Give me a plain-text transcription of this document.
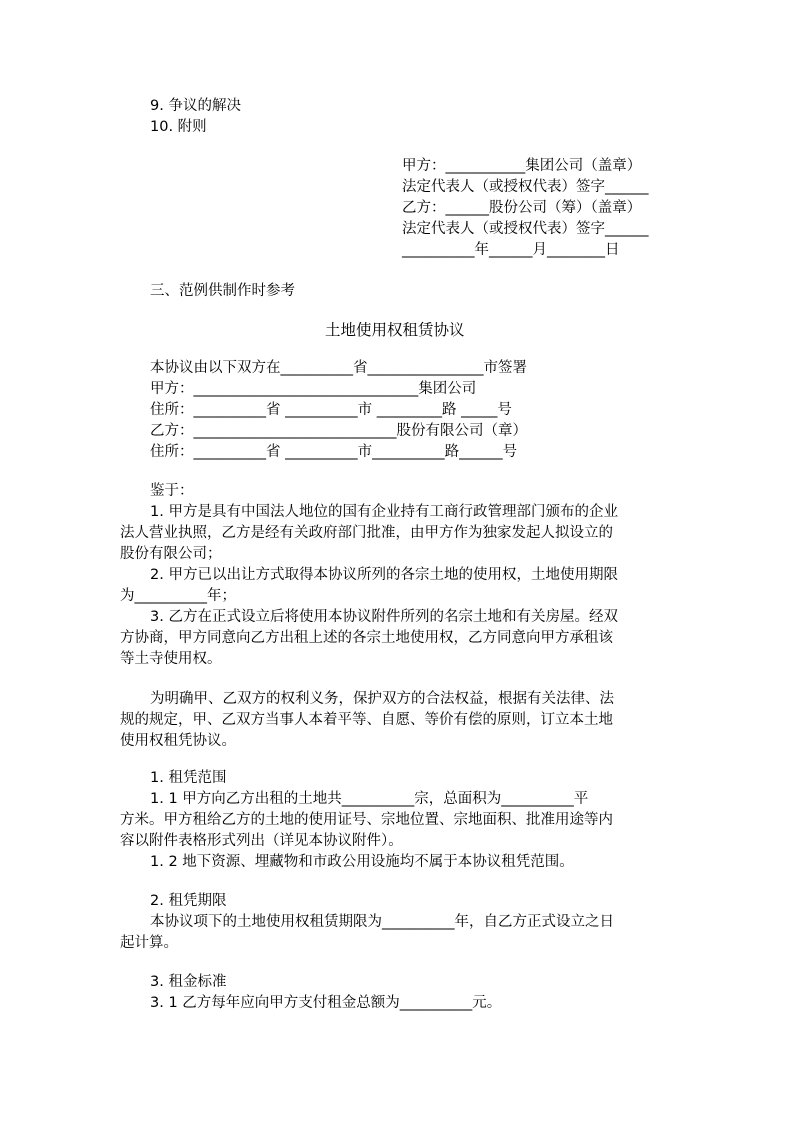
9. 争议的解决
10. 附则
甲方：___________集团公司（盖章）
法定代表人（或授权代表）签字______
乙方：______股份公司（筹）（盖章）
法定代表人（或授权代表）签字______
__________年______月________日
三、范例供制作时参考
土地使用权租赁协议
本协议由以下双方在__________省________________市签署
甲方：_______________________________集团公司
住所：__________省 __________市 _________路 _____号
乙方：____________________________股份有限公司（章）
住所：__________省 __________市__________路______号
鉴于：
1. 甲方是具有中国法人地位的国有企业持有工商行政管理部门颁布的企业
法人营业执照，乙方是经有关政府部门批准，由甲方作为独家发起人拟设立的
股份有限公司；
2. 甲方已以出让方式取得本协议所列的各宗土地的使用权，土地使用期限
为__________年；
3. 乙方在正式设立后将使用本协议附件所列的名宗土地和有关房屋。经双
方协商，甲方同意向乙方出租上述的各宗土地使用权，乙方同意向甲方承租该
等土寺使用权。
为明确甲、乙双方的权利义务，保护双方的合法权益，根据有关法律、法
规的规定，甲、乙双方当事人本着平等、自愿、等价有偿的原则，订立本土地
使用权租凭协议。
1. 租凭范围
1. 1 甲方向乙方出租的土地共__________宗，总面积为__________平
方米。甲方租给乙方的土地的使用证号、宗地位置、宗地面积、批准用途等内
容以附件表格形式列出（详见本协议附件）。
1. 2 地下资源、埋藏物和市政公用设施均不属于本协议租凭范围。
2. 租凭期限
本协议项下的土地使用权租赁期限为__________年，自乙方正式设立之日
起计算。
3. 租金标准
3. 1 乙方每年应向甲方支付租金总额为__________元。
